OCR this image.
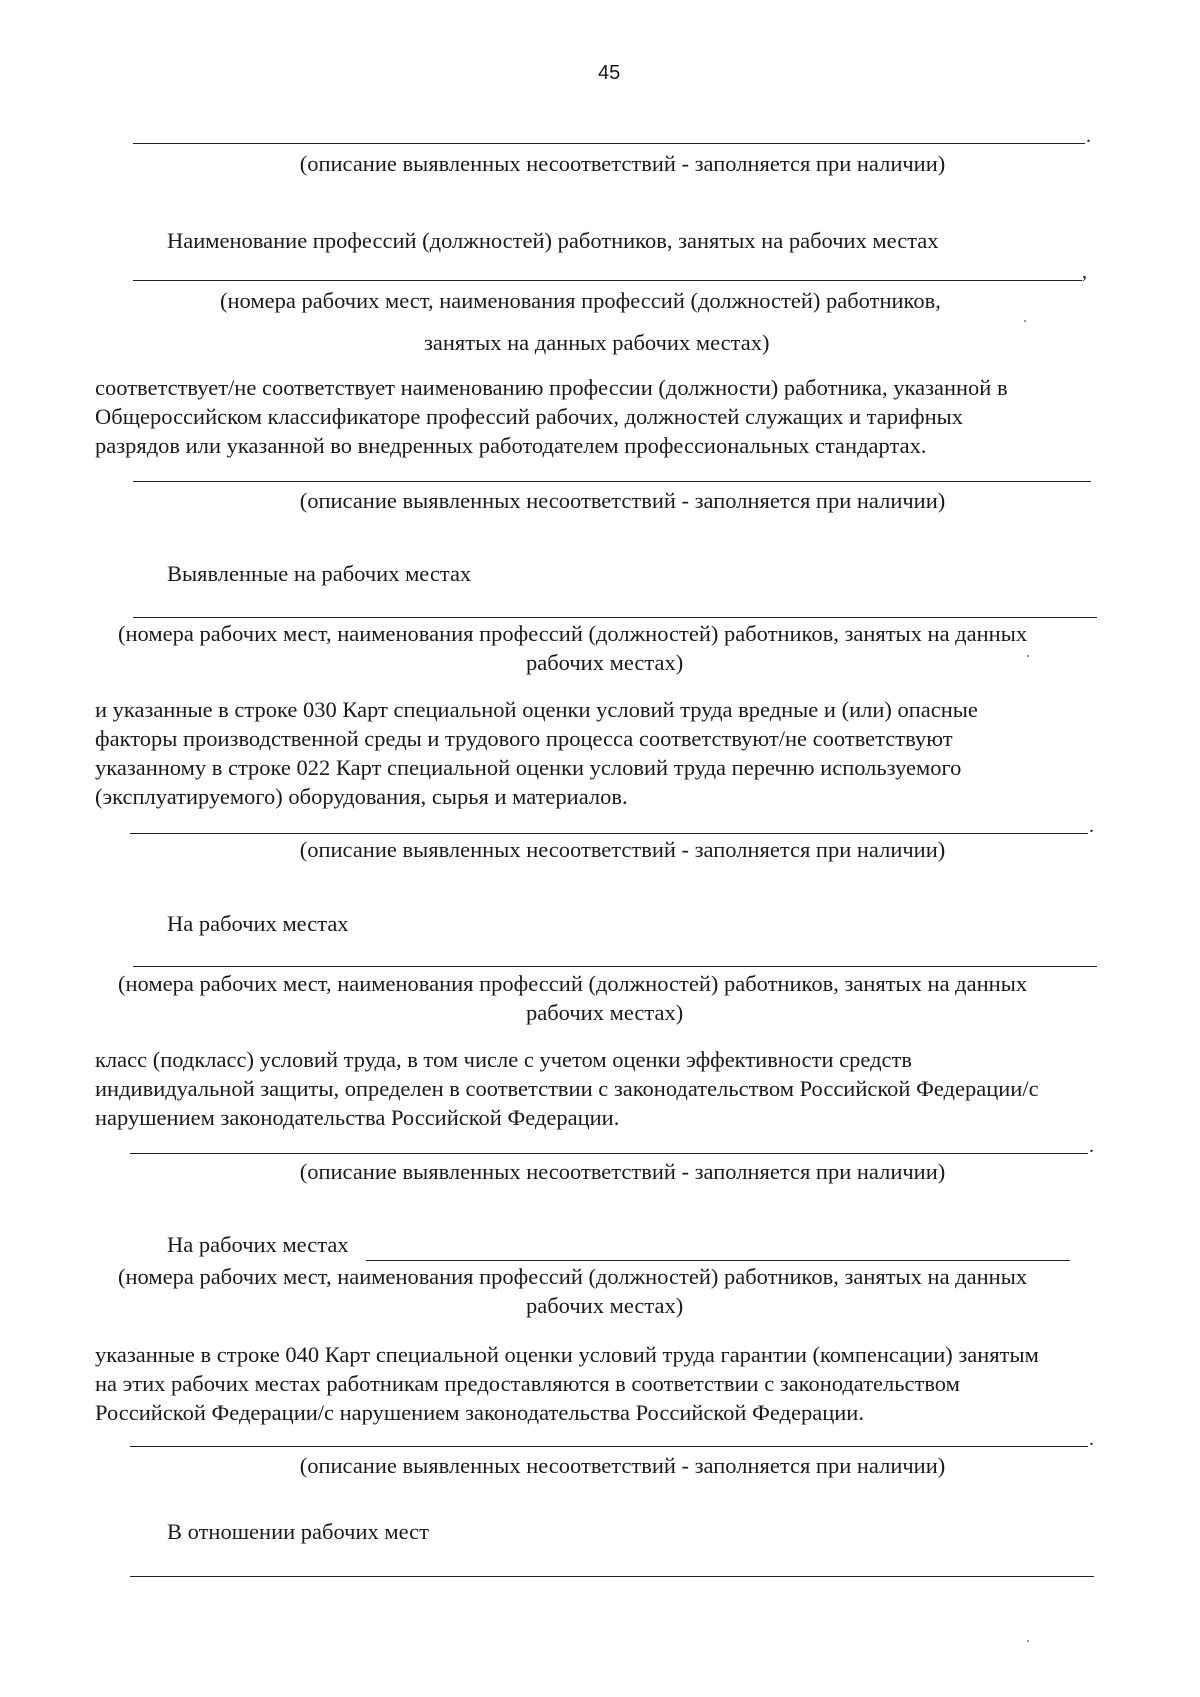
45
.
(описание выявленных несоответствий - заполняется при наличии)
Наименование профессий (должностей) работников, занятых на рабочих местах
,
(номера рабочих мест, наименования профессий (должностей) работников,
занятых на данных рабочих местах)
соответствует/не соответствует наименованию профессии (должности) работника, указанной в
Общероссийском классификаторе профессий рабочих, должностей служащих и тарифных
разрядов или указанной во внедренных работодателем профессиональных стандартах.
(описание выявленных несоответствий - заполняется при наличии)
Выявленные на рабочих местах
(номера рабочих мест, наименования профессий (должностей) работников, занятых на данных
рабочих местах)
и указанные в строке 030 Карт специальной оценки условий труда вредные и (или) опасные
факторы производственной среды и трудового процесса соответствуют/не соответствуют
указанному в строке 022 Карт специальной оценки условий труда перечню используемого
(эксплуатируемого) оборудования, сырья и материалов.
.
(описание выявленных несоответствий - заполняется при наличии)
На рабочих местах
(номера рабочих мест, наименования профессий (должностей) работников, занятых на данных
рабочих местах)
класс (подкласс) условий труда, в том числе с учетом оценки эффективности средств
индивидуальной защиты, определен в соответствии с законодательством Российской Федерации/с
нарушением законодательства Российской Федерации.
.
(описание выявленных несоответствий - заполняется при наличии)
На рабочих местах
(номера рабочих мест, наименования профессий (должностей) работников, занятых на данных
рабочих местах)
указанные в строке 040 Карт специальной оценки условий труда гарантии (компенсации) занятым
на этих рабочих местах работникам предоставляются в соответствии с законодательством
Российской Федерации/с нарушением законодательства Российской Федерации.
.
(описание выявленных несоответствий - заполняется при наличии)
В отношении рабочих мест
